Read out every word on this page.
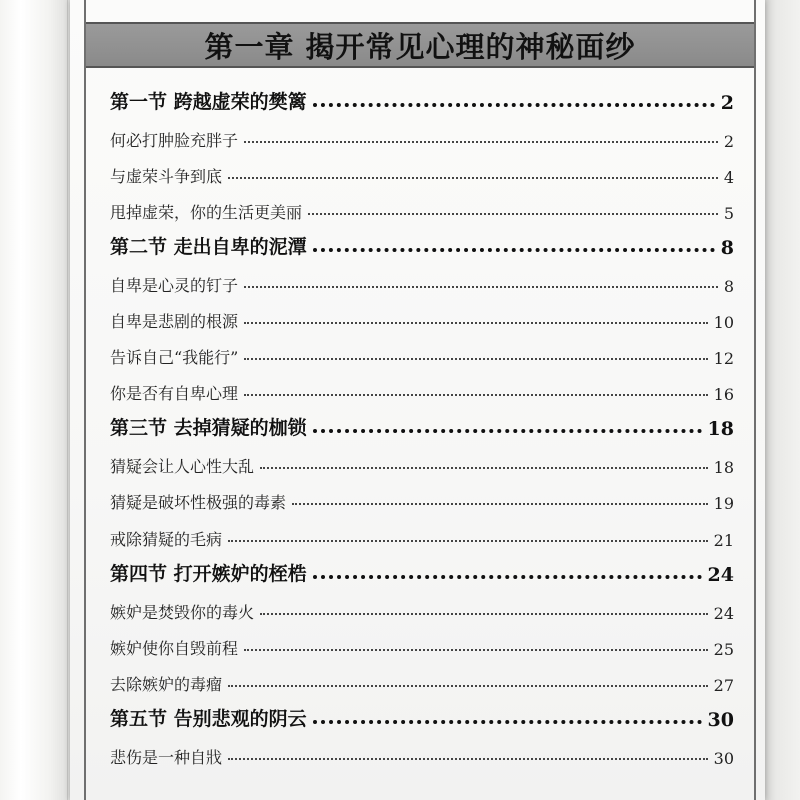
第一章 揭开常见心理的神秘面纱
第一节 跨越虚荣的樊篱	2
何必打肿脸充胖子	2
与虚荣斗争到底	4
甩掉虚荣，你的生活更美丽	5
第二节 走出自卑的泥潭	8
自卑是心灵的钉子	8
自卑是悲剧的根源	10
告诉自己“我能行”	12
你是否有自卑心理	16
第三节 去掉猜疑的枷锁	18
猜疑会让人心性大乱	18
猜疑是破坏性极强的毒素	19
戒除猜疑的毛病	21
第四节 打开嫉妒的桎梏	24
嫉妒是焚毁你的毒火	24
嫉妒使你自毁前程	25
去除嫉妒的毒瘤	27
第五节 告别悲观的阴云	30
悲伤是一种自戕	30
